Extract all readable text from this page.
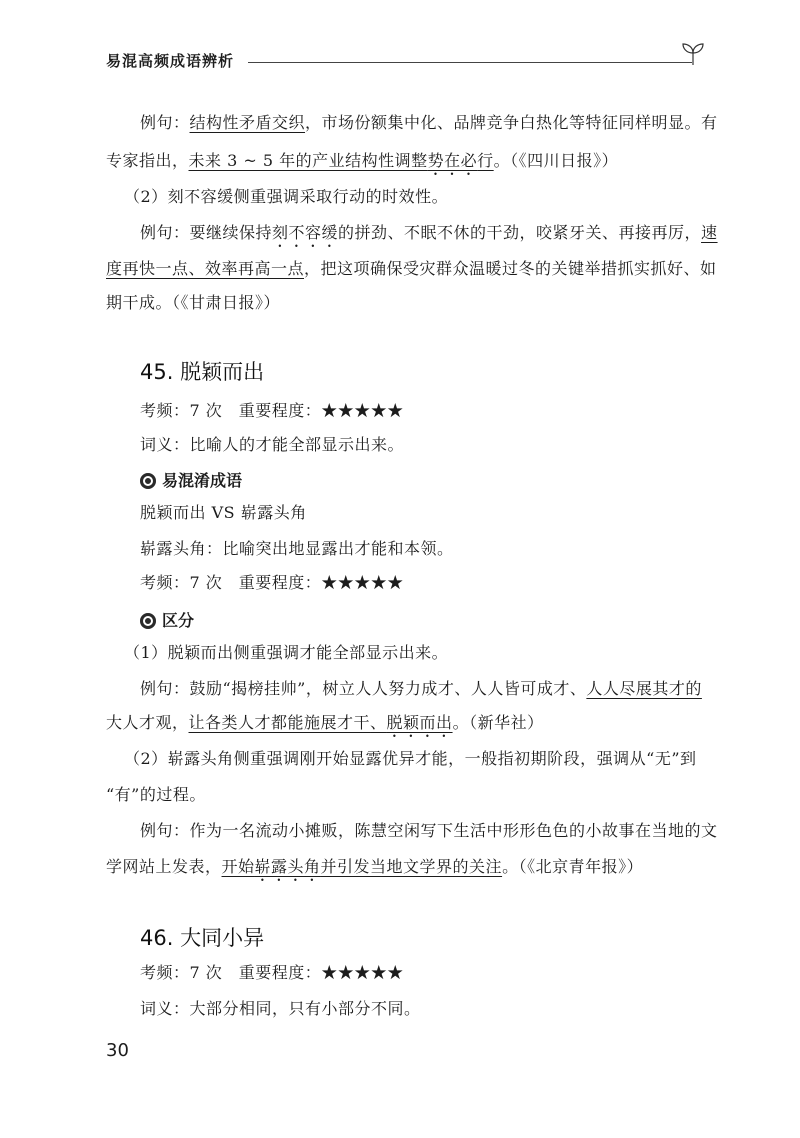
易混高频成语辨析
例句：结构性矛盾交织，市场份额集中化、品牌竞争白热化等特征同样明显。有
专家指出，未来 3 ~ 5 年的产业结构性调整势在必行。（《四川日报》）
（2）刻不容缓侧重强调采取行动的时效性。
例句：要继续保持刻不容缓的拼劲、不眠不休的干劲，咬紧牙关、再接再厉，速
度再快一点、效率再高一点，把这项确保受灾群众温暖过冬的关键举措抓实抓好、如
期干成。（《甘肃日报》）
45. 脱颖而出
考频：7 次　重要程度：★★★★★
词义：比喻人的才能全部显示出来。
易混淆成语
脱颖而出 VS 崭露头角
崭露头角：比喻突出地显露出才能和本领。
考频：7 次　重要程度：★★★★★
区分
（1）脱颖而出侧重强调才能全部显示出来。
例句：鼓励“揭榜挂帅”，树立人人努力成才、人人皆可成才、人人尽展其才的
大人才观，让各类人才都能施展才干、脱颖而出。（新华社）
（2）崭露头角侧重强调刚开始显露优异才能，一般指初期阶段，强调从“无”到
“有”的过程。
例句：作为一名流动小摊贩，陈慧空闲写下生活中形形色色的小故事在当地的文
学网站上发表，开始崭露头角并引发当地文学界的关注。（《北京青年报》）
46. 大同小异
考频：7 次　重要程度：★★★★★
词义：大部分相同，只有小部分不同。
30
